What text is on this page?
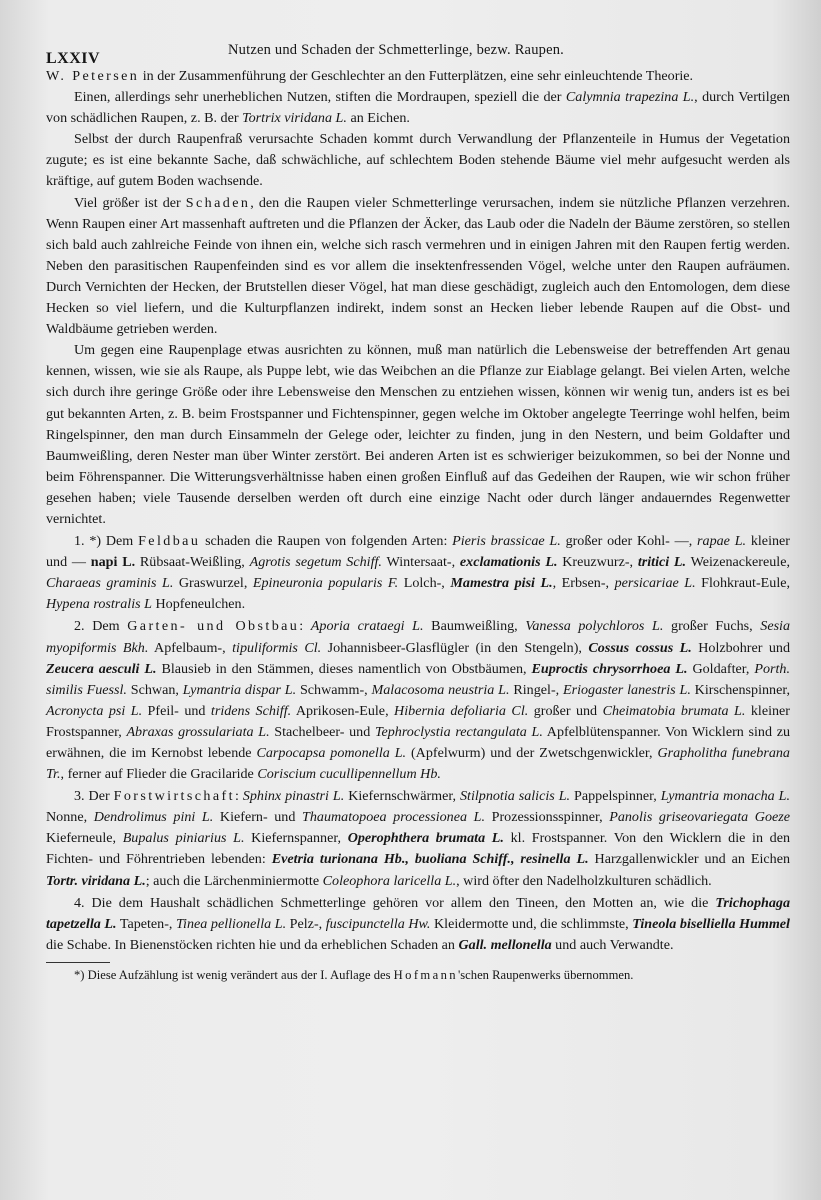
LXXIV	Nutzen und Schaden der Schmetterlinge, bezw. Raupen.

W. Petersen in der Zusammenführung der Geschlechter an den Futterplätzen, eine sehr einleuchtende Theorie.

Einen, allerdings sehr unerheblichen Nutzen, stiften die Mordraupen, speziell die der Calymnia trapezina L., durch Vertilgen von schädlichen Raupen, z. B. der Tortrix viridana L. an Eichen.

Selbst der durch Raupenfraß verursachte Schaden kommt durch Verwandlung der Pflanzenteile in Humus der Vegetation zugute; es ist eine bekannte Sache, daß schwächliche, auf schlechtem Boden stehende Bäume viel mehr aufgesucht werden als kräftige, auf gutem Boden wachsende.

Viel größer ist der Schaden, den die Raupen vieler Schmetterlinge verursachen, indem sie nützliche Pflanzen verzehren. Wenn Raupen einer Art massenhaft auftreten und die Pflanzen der Äcker, das Laub oder die Nadeln der Bäume zerstören, so stellen sich bald auch zahlreiche Feinde von ihnen ein, welche sich rasch vermehren und in einigen Jahren mit den Raupen fertig werden. Neben den parasitischen Raupenfeinden sind es vor allem die insektenfressenden Vögel, welche unter den Raupen aufräumen. Durch Vernichten der Hecken, der Brutstellen dieser Vögel, hat man diese geschädigt, zugleich auch den Entomologen, dem diese Hecken so viel liefern, und die Kulturpflanzen indirekt, indem sonst an Hecken lieber lebende Raupen auf die Obst- und Waldbäume getrieben werden.

Um gegen eine Raupenplage etwas ausrichten zu können, muß man natürlich die Lebensweise der betreffenden Art genau kennen, wissen, wie sie als Raupe, als Puppe lebt, wie das Weibchen an die Pflanze zur Eiablage gelangt. Bei vielen Arten, welche sich durch ihre geringe Größe oder ihre Lebensweise den Menschen zu entziehen wissen, können wir wenig tun, anders ist es bei gut bekannten Arten, z. B. beim Frostspanner und Fichtenspinner, gegen welche im Oktober angelegte Teerringe wohl helfen, beim Ringelspinner, den man durch Einsammeln der Gelege oder, leichter zu finden, jung in den Nestern, und beim Goldafter und Baumweißling, deren Nester man über Winter zerstört. Bei anderen Arten ist es schwieriger beizukommen, so bei der Nonne und beim Föhrenspanner. Die Witterungsverhältnisse haben einen großen Einfluß auf das Gedeihen der Raupen, wie wir schon früher gesehen haben; viele Tausende derselben werden oft durch eine einzige Nacht oder durch länger andauerndes Regenwetter vernichtet.

1. *) Dem Feldbau schaden die Raupen von folgenden Arten: Pieris brassicae L. großer oder Kohl- —, rapae L. kleiner und — napi L. Rübsaat-Weißling, Agrotis segetum Schiff. Wintersaat-, exclamationis L. Kreuzwurz-, tritici L. Weizenackereule, Charaeas graminis L. Graswurzel, Epineuronia popularis F. Lolch-, Mamestra pisi L., Erbsen-, persicariae L. Flohkraut-Eule, Hypena rostralis L Hopfeneulchen.

2. Dem Garten- und Obstbau: Aporia crataegi L. Baumweißling, Vanessa polychloros L. großer Fuchs, Sesia myopiformis Bkh. Apfelbaum-, tipuliformis Cl. Johannisbeer-Glasflügler (in den Stengeln), Cossus cossus L. Holzbohrer und Zeucera aesculi L. Blausieb in den Stämmen, dieses namentlich von Obstbäumen, Euproctis chrysorrhoea L. Goldafter, Porth. similis Fuessl. Schwan, Lymantria dispar L. Schwamm-, Malacosoma neustria L. Ringel-, Eriogaster lanestris L. Kirschenspinner, Acronycta psi L. Pfeil- und tridens Schiff. Aprikosen-Eule, Hibernia defoliaria Cl. großer und Cheimatobia brumata L. kleiner Frostspanner, Abraxas grossulariata L. Stachelbeer- und Tephroclystia rectangulata L. Apfelblütenspanner. Von Wicklern sind zu erwähnen, die im Kernobst lebende Carpocapsa pomonella L. (Apfelwurm) und der Zwetschgenwickler, Grapholitha funebrana Tr., ferner auf Flieder die Gracilaride Coriscium cucullipennellum Hb.

3. Der Forstwirtschaft: Sphinx pinastri L. Kiefernschwärmer, Stilpnotia salicis L. Pappelspinner, Lymantria monacha L. Nonne, Dendrolimus pini L. Kiefern- und Thaumatopoea processionea L. Prozessionsspinner, Panolis griseovariegata Goeze Kieferneule, Bupalus piniarius L. Kiefernspanner, Operophthera brumata L. kl. Frostspanner. Von den Wicklern die in den Fichten- und Föhrentrieben lebenden: Evetria turionana Hb., buoliana Schiff., resinella L. Harzgallenwickler und an Eichen Tortr. viridana L.; auch die Lärchenminiermotte Coleophora laricella L., wird öfter den Nadelholzkulturen schädlich.

4. Die dem Haushalt schädlichen Schmetterlinge gehören vor allem den Tineen, den Motten an, wie die Trichophaga tapetzella L. Tapeten-, Tinea pellionella L. Pelz-, fuscipunctella Hw. Kleidermotte und, die schlimmste, Tineola biselliella Hummel die Schabe. In Bienenstöcken richten hie und da erheblichen Schaden an Gall. mellonella und auch Verwandte.

*) Diese Aufzählung ist wenig verändert aus der I. Auflage des Hofmann'schen Raupenwerks übernommen.
